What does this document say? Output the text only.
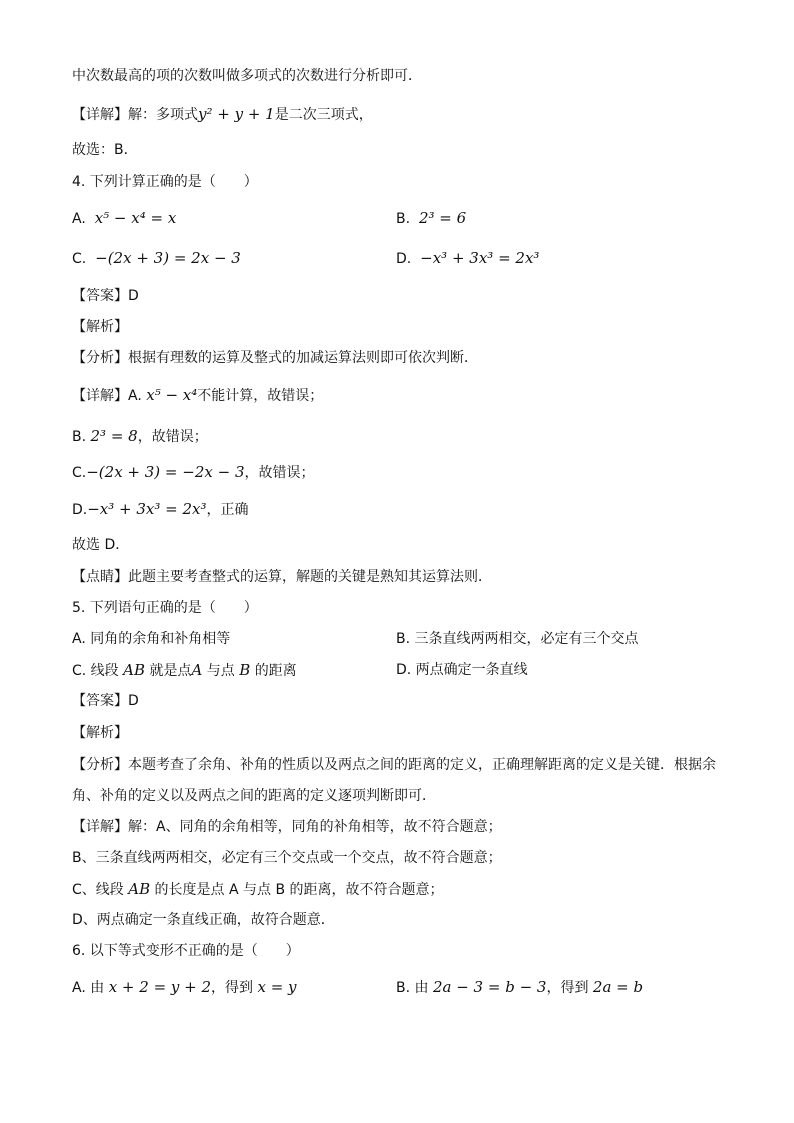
中次数最高的项的次数叫做多项式的次数进行分析即可．
【详解】解：多项式y² + y + 1是二次三项式，
故选：B．
4. 下列计算正确的是（　　）
A. x⁵ − x⁴ = x	B. 2³ = 6
C. −(2x + 3) = 2x − 3	D. −x³ + 3x³ = 2x³
【答案】D
【解析】
【分析】根据有理数的运算及整式的加减运算法则即可依次判断．
【详解】A. x⁵ − x⁴不能计算，故错误；
B. 2³ = 8，故错误；
C.−(2x + 3) = −2x − 3，故错误；
D.−x³ + 3x³ = 2x³，正确
故选 D．
【点睛】此题主要考查整式的运算，解题的关键是熟知其运算法则．
5. 下列语句正确的是（　　）
A. 同角的余角和补角相等	B. 三条直线两两相交，必定有三个交点
C. 线段 AB 就是点A 与点 B 的距离	D. 两点确定一条直线
【答案】D
【解析】
【分析】本题考查了余角、补角的性质以及两点之间的距离的定义，正确理解距离的定义是关键．根据余
角、补角的定义以及两点之间的距离的定义逐项判断即可．
【详解】解：A、同角的余角相等，同角的补角相等，故不符合题意；
B、三条直线两两相交，必定有三个交点或一个交点，故不符合题意；
C、线段 AB 的长度是点 A 与点 B 的距离，故不符合题意；
D、两点确定一条直线正确，故符合题意．
6. 以下等式变形不正确的是（　　）
A. 由 x + 2 = y + 2，得到 x = y	B. 由 2a − 3 = b − 3，得到 2a = b
